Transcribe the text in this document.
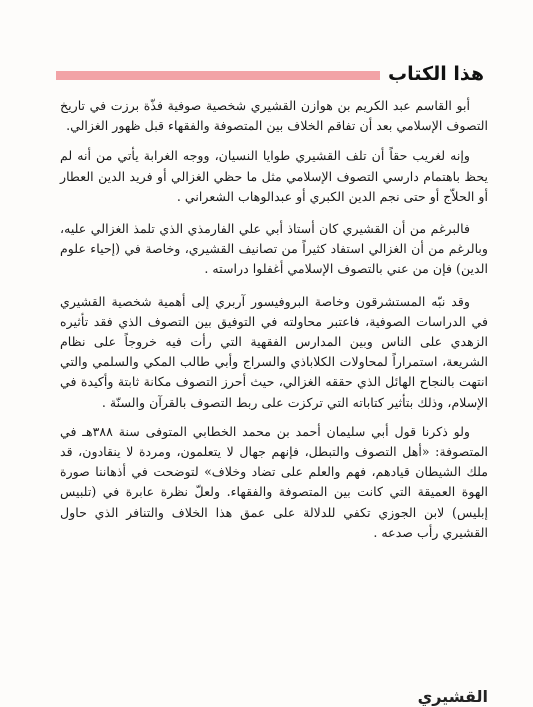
هذا الكتاب

أبو القاسم عبد الكريم بن هوازن القشيري شخصية صوفية فذّة برزت في تاريخ التصوف الإسلامي بعد أن تفاقم الخلاف بين المتصوفة والفقهاء قبل ظهور الغزالي.

وإنه لغريب حقاً أن تلف القشيري طوايا النسيان، ووجه الغرابة يأتي من أنه لم يحظ باهتمام دارسي التصوف الإسلامي مثل ما حظي الغزالي أو فريد الدين العطار أو الحلاّج أو حتى نجم الدين الكبري أو عبدالوهاب الشعراني .

فالبرغم من أن القشيري كان أستاذ أبي علي الفارمذي الذي تلمذ الغزالي عليه، وبالرغم من أن الغزالي استفاد كثيراً من تصانيف القشيري، وخاصة في (إحياء علوم الدين) فإن من عني بالتصوف الإسلامي أغفلوا دراسته .

وقد نبّه المستشرقون وخاصة البروفيسور آربري إلى أهمية شخصية القشيري في الدراسات الصوفية، فاعتبر محاولته في التوفيق بين التصوف الذي فقد تأثيره الزهدي على الناس وبين المدارس الفقهية التي رأت فيه خروجاً على نظام الشريعة، استمراراً لمحاولات الكلاباذي والسراج وأبي طالب المكي والسلمي والتي انتهت بالنجاح الهائل الذي حققه الغزالي، حيث أحرز التصوف مكانة ثابتة وأكيدة في الإسلام، وذلك بتأثير كتاباته التي تركزت على ربط التصوف بالقرآن والسنّة .

ولو ذكرنا قول أبي سليمان أحمد بن محمد الخطابي المتوفى سنة ٣٨٨هـ في المتصوفة: «أهل التصوف والتبطل، فإنهم جهال لا يتعلمون، ومردة لا ينقادون، قد ملك الشيطان قيادهم، فهم والعلم على تضاد وخلاف» لتوضحت في أذهاننا صورة الهوة العميقة التي كانت بين المتصوفة والفقهاء. ولعلّ نظرة عابرة في (تلبيس إبليس) لابن الجوزي تكفي للدلالة على عمق هذا الخلاف والتنافر الذي حاول القشيري رأب صدعه .

القشيري
